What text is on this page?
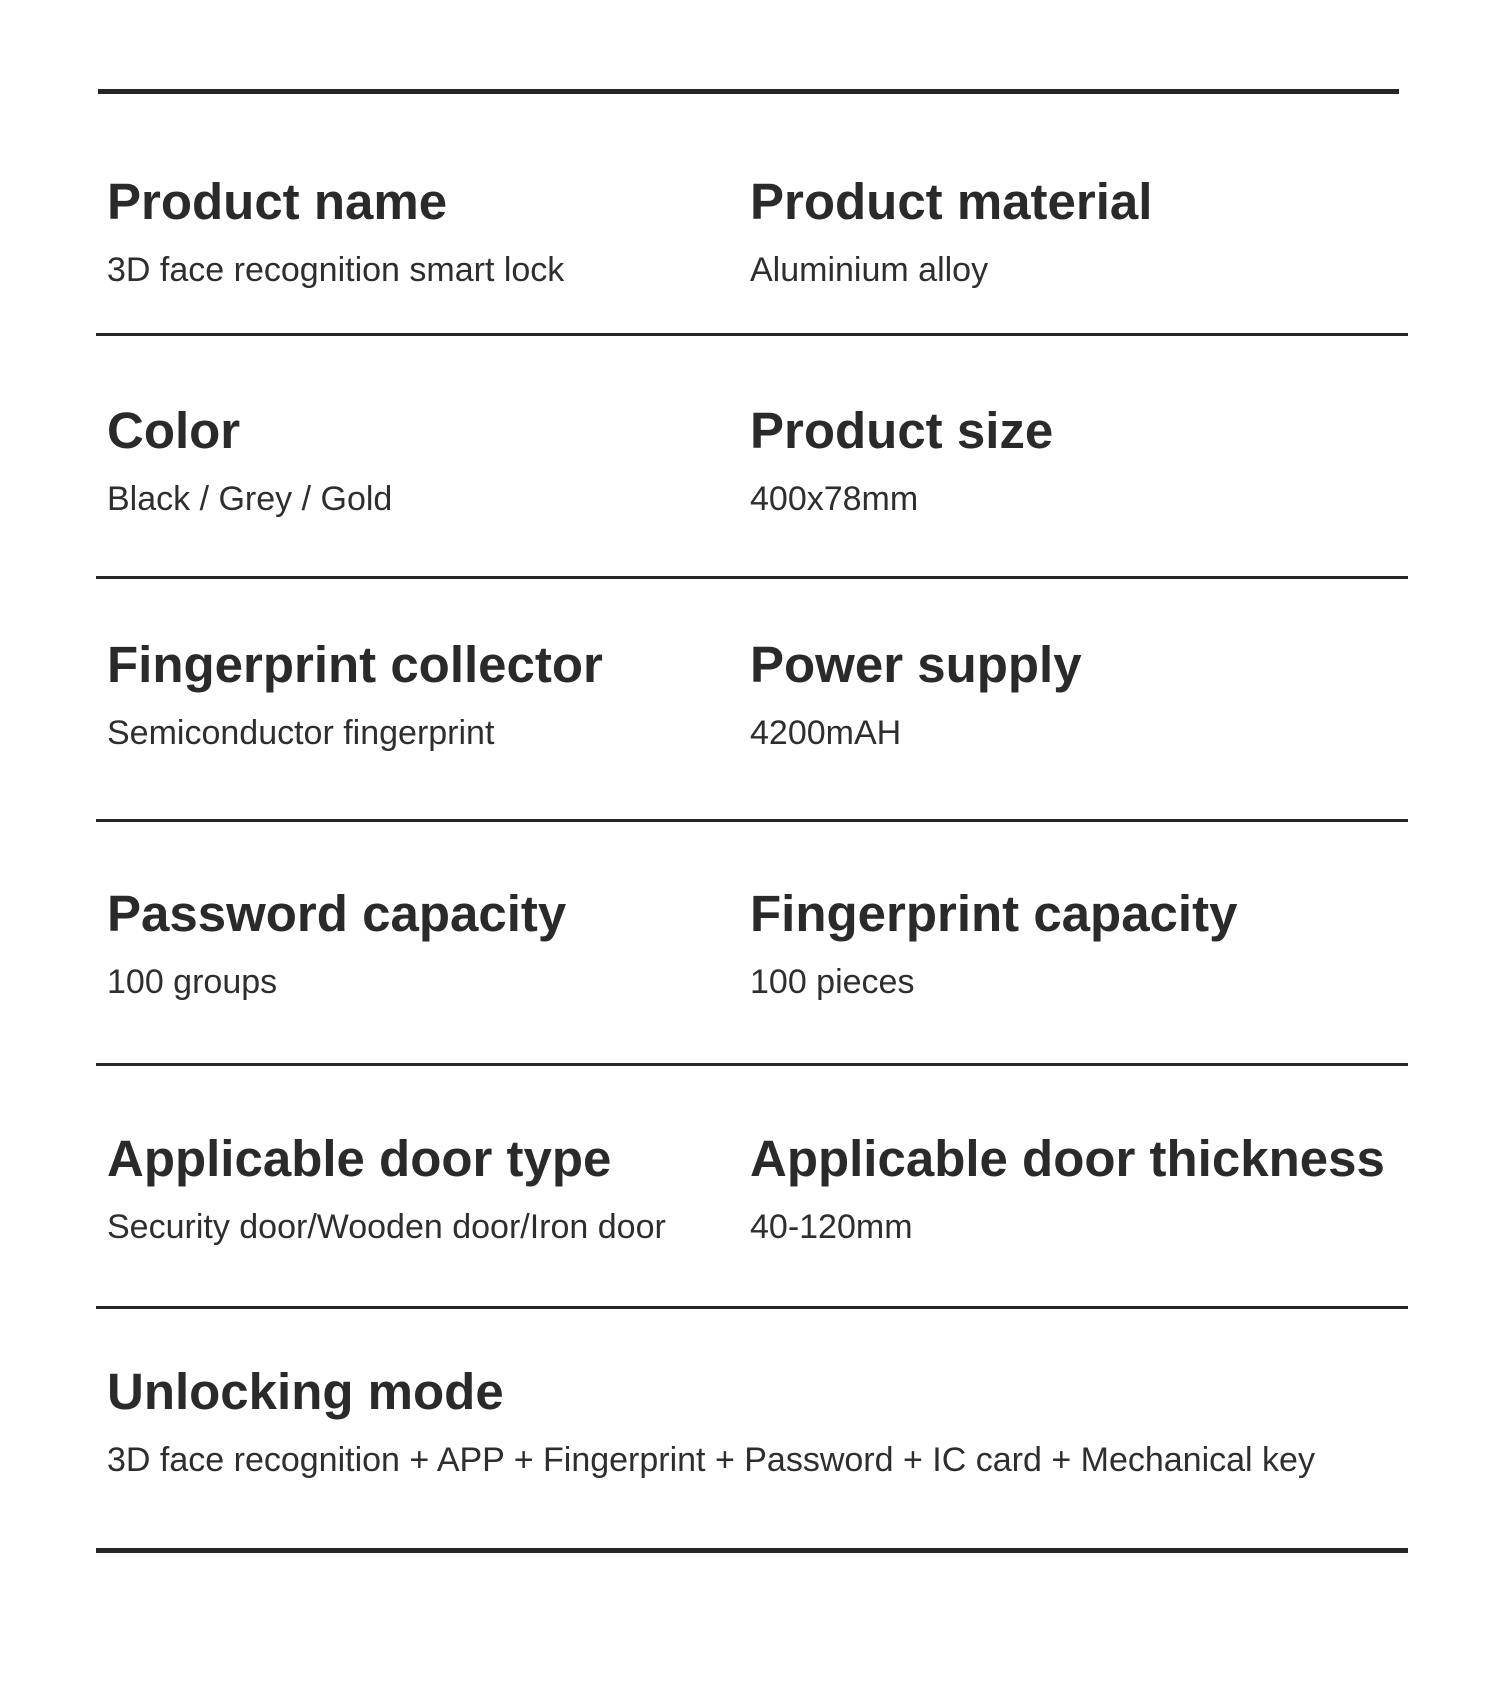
Product name
3D face recognition smart lock
Product material
Aluminium alloy
Color
Black / Grey / Gold
Product size
400x78mm
Fingerprint collector
Semiconductor fingerprint
Power supply
4200mAH
Password capacity
100 groups
Fingerprint capacity
100 pieces
Applicable door type
Security door/Wooden door/Iron door
Applicable door thickness
40-120mm
Unlocking mode
3D face recognition + APP + Fingerprint + Password + IC card + Mechanical key
